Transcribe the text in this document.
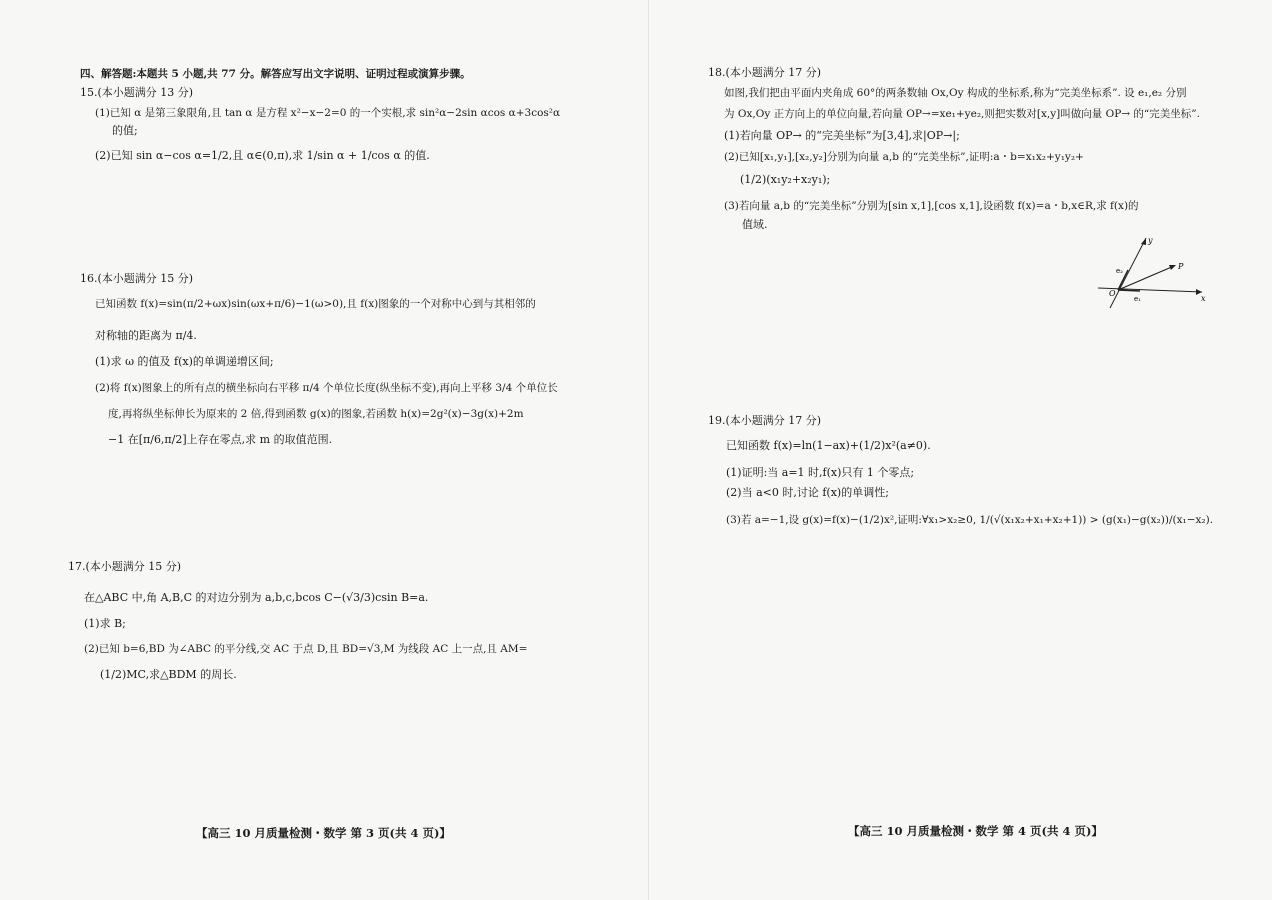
四、解答题:本题共 5 小题,共 77 分。解答应写出文字说明、证明过程或演算步骤。
15.(本小题满分 13 分)
(1)已知 α 是第三象限角,且 tan α 是方程 x²−x−2=0 的一个实根,求 sin²α−2sin αcos α+3cos²α
的值;
(2)已知 sin α−cos α=1/2,且 α∈(0,π),求 1/sin α + 1/cos α 的值.
16.(本小题满分 15 分)
已知函数 f(x)=sin(π/2+ωx)sin(ωx+π/6)−1(ω>0),且 f(x)图象的一个对称中心到与其相邻的
对称轴的距离为 π/4.
(1)求 ω 的值及 f(x)的单调递增区间;
(2)将 f(x)图象上的所有点的横坐标向右平移 π/4 个单位长度(纵坐标不变),再向上平移 3/4 个单位长
度,再将纵坐标伸长为原来的 2 倍,得到函数 g(x)的图象,若函数 h(x)=2g²(x)−3g(x)+2m
−1 在[π/6,π/2]上存在零点,求 m 的取值范围.
17.(本小题满分 15 分)
在△ABC 中,角 A,B,C 的对边分别为 a,b,c,bcos C−(√3/3)csin B=a.
(1)求 B;
(2)已知 b=6,BD 为∠ABC 的平分线,交 AC 于点 D,且 BD=√3,M 为线段 AC 上一点,且 AM=
(1/2)MC,求△BDM 的周长.
【高三 10 月质量检测・数学 第 3 页(共 4 页)】
18.(本小题满分 17 分)
如图,我们把由平面内夹角成 60°的两条数轴 Ox,Oy 构成的坐标系,称为“完美坐标系”. 设 e₁,e₂ 分别
为 Ox,Oy 正方向上的单位向量,若向量 OP→=xe₁+ye₂,则把实数对[x,y]叫做向量 OP→ 的“完美坐标”.
(1)若向量 OP→ 的“完美坐标”为[3,4],求|OP→|;
(2)已知[x₁,y₁],[x₂,y₂]分别为向量 a,b 的“完美坐标”,证明:a・b=x₁x₂+y₁y₂+
(1/2)(x₁y₂+x₂y₁);
(3)若向量 a,b 的“完美坐标”分别为[sin x,1],[cos x,1],设函数 f(x)=a・b,x∈R,求 f(x)的
值域.
y
x
P
O
e₁
e₂
19.(本小题满分 17 分)
已知函数 f(x)=ln(1−ax)+(1/2)x²(a≠0).
(1)证明:当 a=1 时,f(x)只有 1 个零点;
(2)当 a<0 时,讨论 f(x)的单调性;
(3)若 a=−1,设 g(x)=f(x)−(1/2)x²,证明:∀x₁>x₂≥0, 1/(√(x₁x₂+x₁+x₂+1)) > (g(x₁)−g(x₂))/(x₁−x₂).
【高三 10 月质量检测・数学 第 4 页(共 4 页)】
